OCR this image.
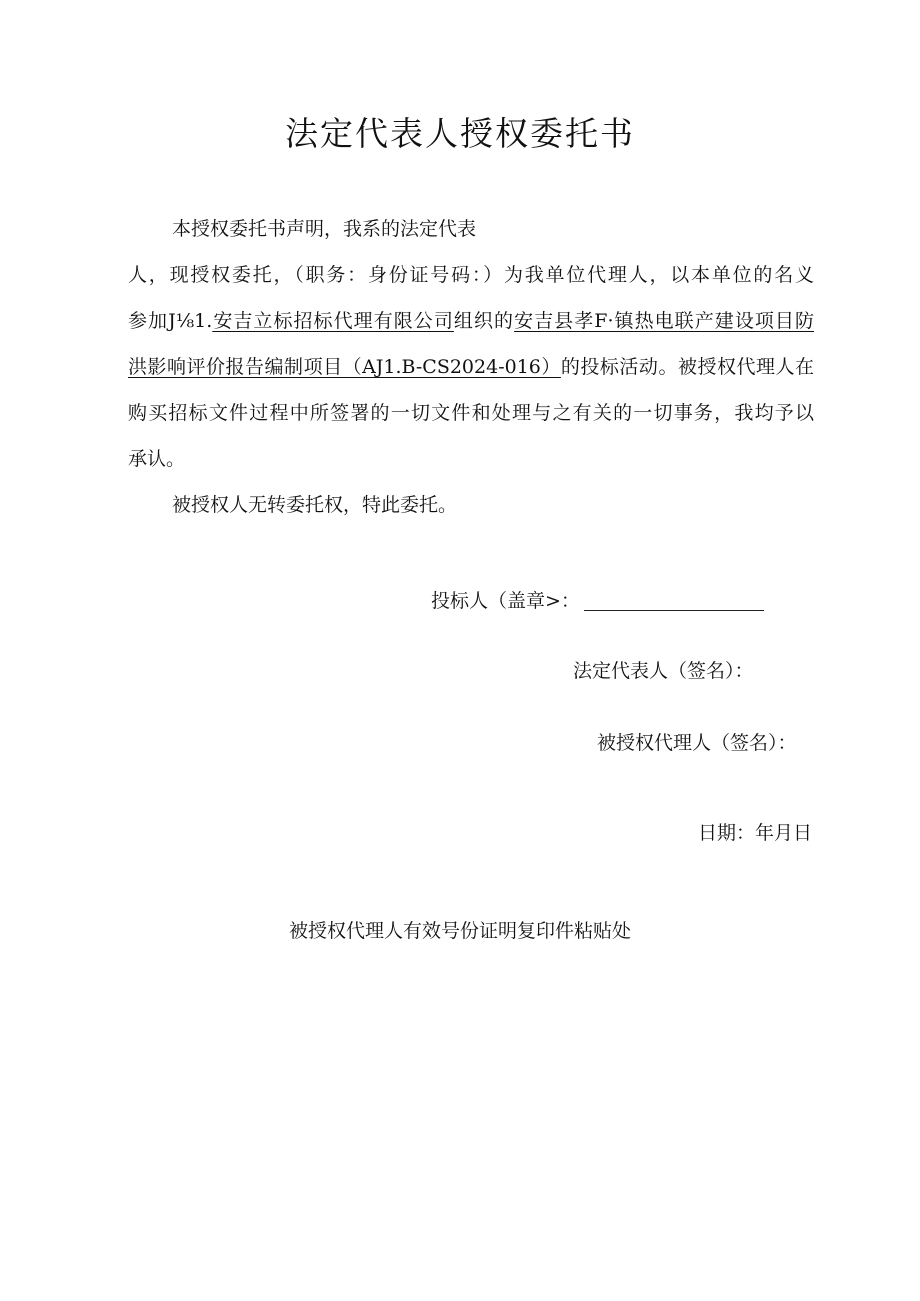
法定代表人授权委托书
本授权委托书声明，我系的法定代表
人，现授权委托，（职务：身份证号码：）为我单位代理人，以本单位的名义
参加J⅛1.安吉立标招标代理有限公司组织的安吉县孝F·镇热电联产建设项目防
洪影响评价报告编制项目（AJ1.B-CS2024-016）的投标活动。被授权代理人在
购买招标文件过程中所签署的一切文件和处理与之有关的一切事务，我均予以
承认。
被授权人无转委托权，特此委托。
投标人（盖章>：
法定代表人（签名）：
被授权代理人（签名）：
日期：年月日
被授权代理人有效号份证明复印件粘贴处
